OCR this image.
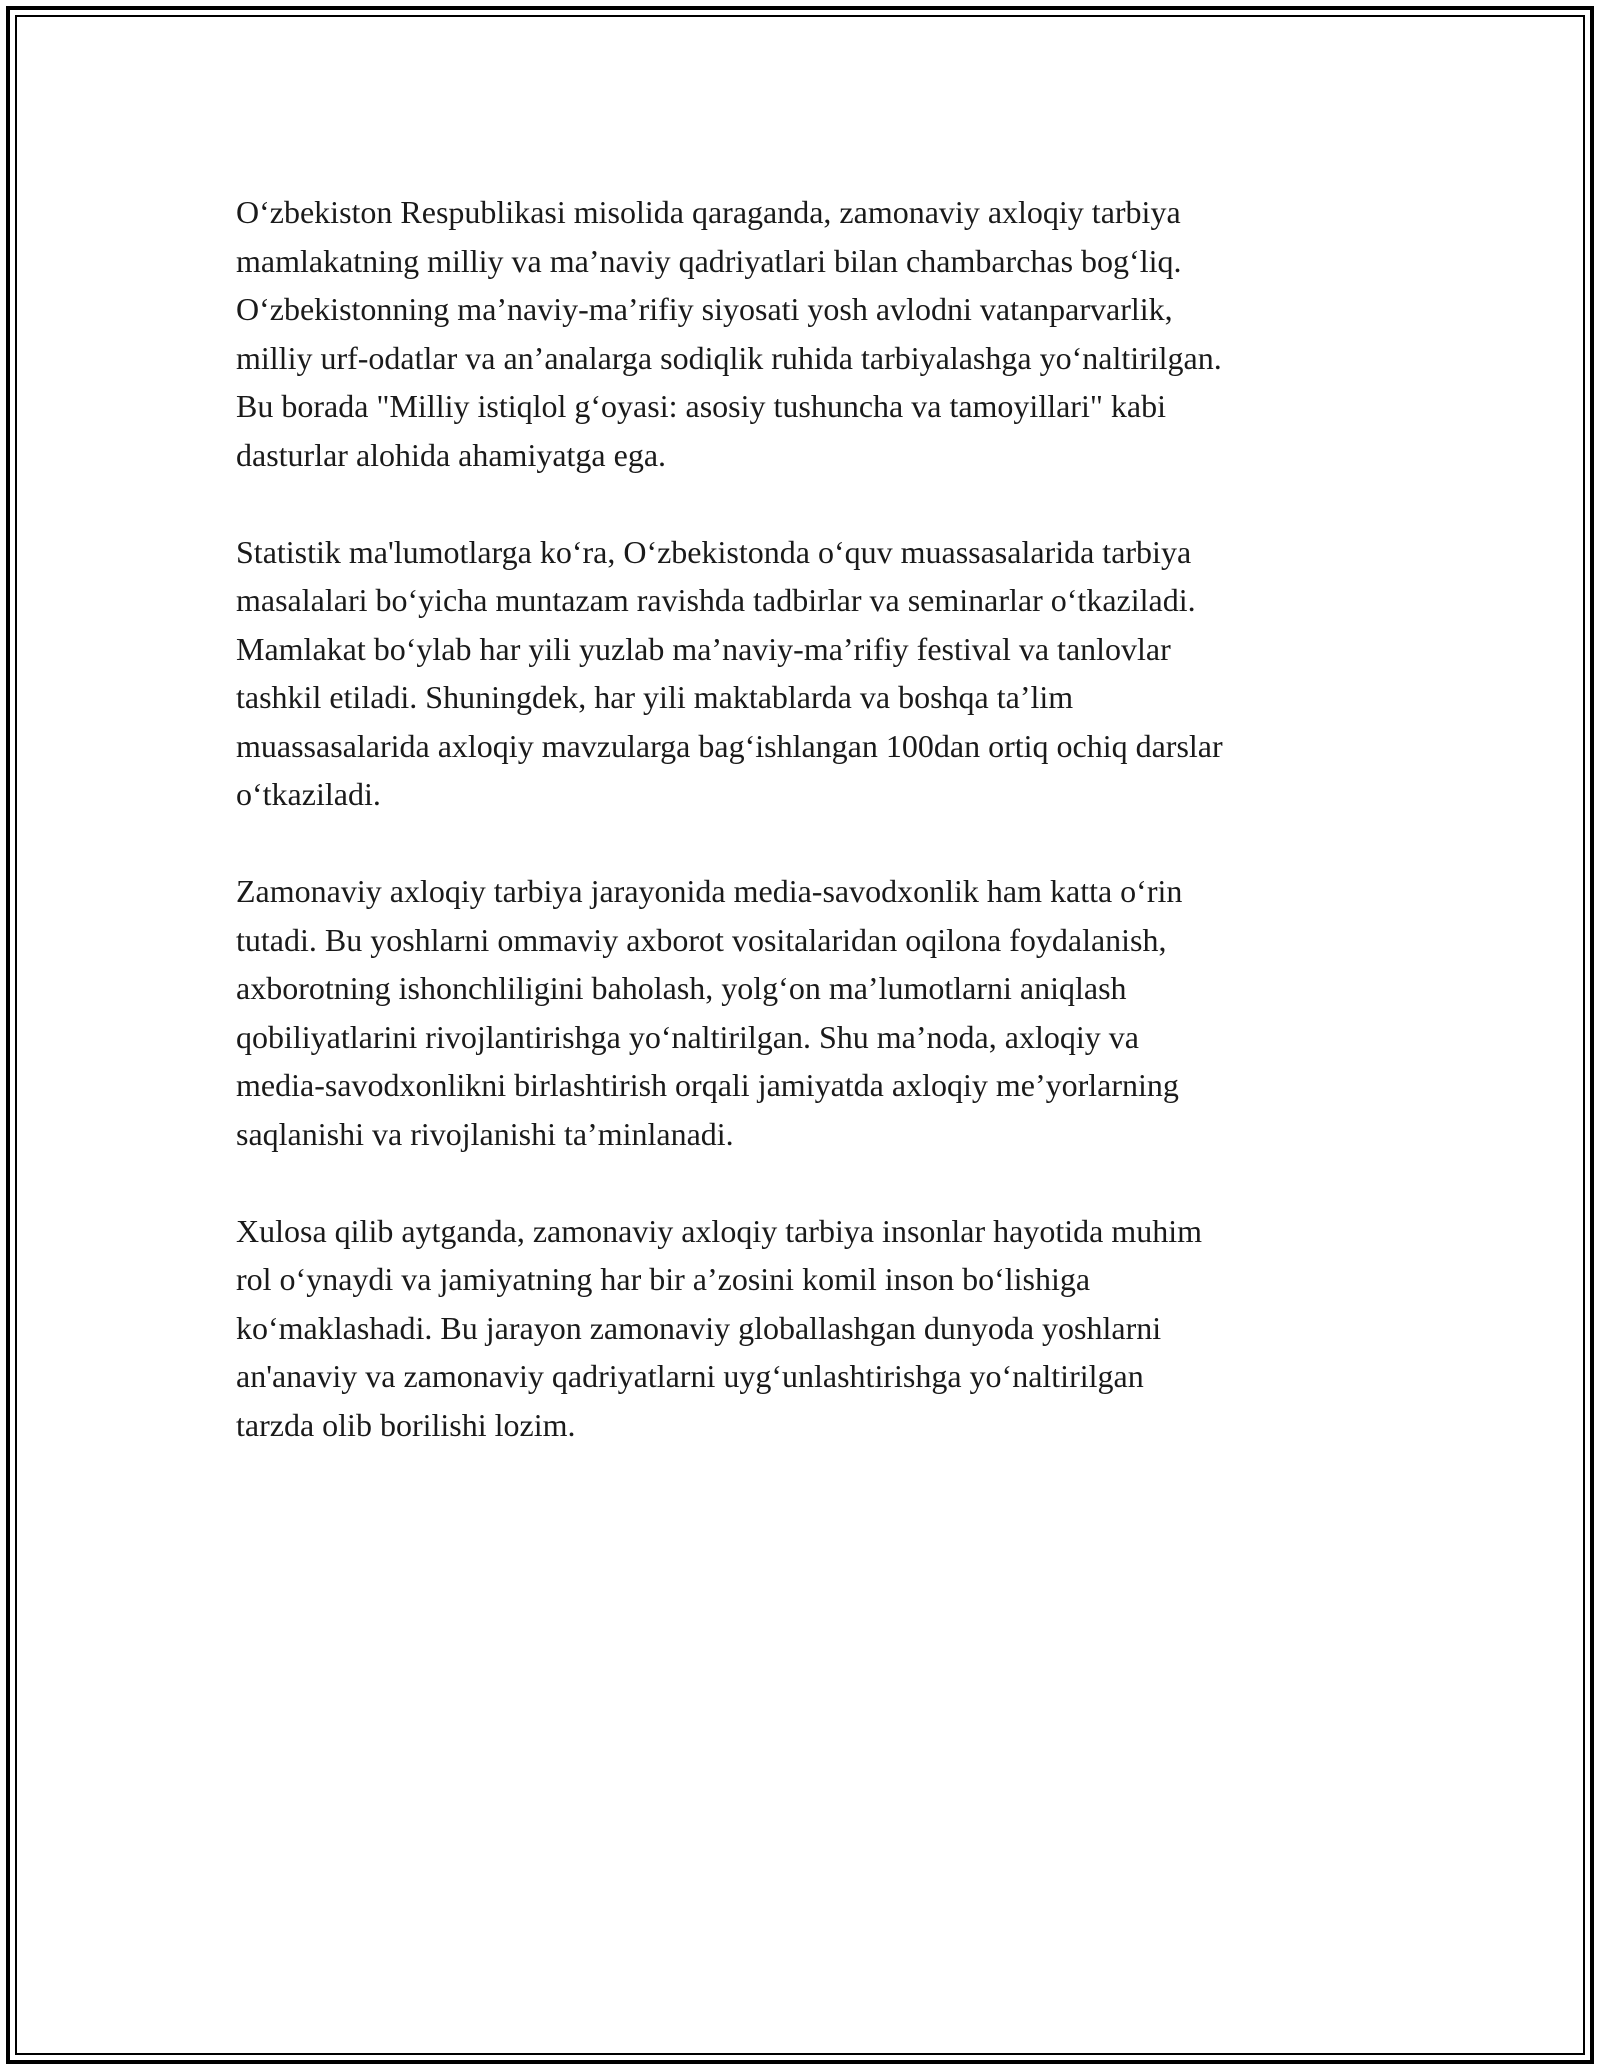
O‘zbekiston Respublikasi misolida qaraganda, zamonaviy axloqiy tarbiya
mamlakatning milliy va ma’naviy qadriyatlari bilan chambarchas bog‘liq.
O‘zbekistonning ma’naviy-ma’rifiy siyosati yosh avlodni vatanparvarlik,
milliy urf-odatlar va an’analarga sodiqlik ruhida tarbiyalashga yo‘naltirilgan.
Bu borada "Milliy istiqlol g‘oyasi: asosiy tushuncha va tamoyillari" kabi
dasturlar alohida ahamiyatga ega.

Statistik ma'lumotlarga ko‘ra, O‘zbekistonda o‘quv muassasalarida tarbiya
masalalari bo‘yicha muntazam ravishda tadbirlar va seminarlar o‘tkaziladi.
Mamlakat bo‘ylab har yili yuzlab ma’naviy-ma’rifiy festival va tanlovlar
tashkil etiladi. Shuningdek, har yili maktablarda va boshqa ta’lim
muassasalarida axloqiy mavzularga bag‘ishlangan 100dan ortiq ochiq darslar
o‘tkaziladi.

Zamonaviy axloqiy tarbiya jarayonida media-savodxonlik ham katta o‘rin
tutadi. Bu yoshlarni ommaviy axborot vositalaridan oqilona foydalanish,
axborotning ishonchliligini baholash, yolg‘on ma’lumotlarni aniqlash
qobiliyatlarini rivojlantirishga yo‘naltirilgan. Shu ma’noda, axloqiy va
media-savodxonlikni birlashtirish orqali jamiyatda axloqiy me’yorlarning
saqlanishi va rivojlanishi ta’minlanadi.

Xulosa qilib aytganda, zamonaviy axloqiy tarbiya insonlar hayotida muhim
rol o‘ynaydi va jamiyatning har bir a’zosini komil inson bo‘lishiga
ko‘maklashadi. Bu jarayon zamonaviy globallashgan dunyoda yoshlarni
an'anaviy va zamonaviy qadriyatlarni uyg‘unlashtirishga yo‘naltirilgan
tarzda olib borilishi lozim.
